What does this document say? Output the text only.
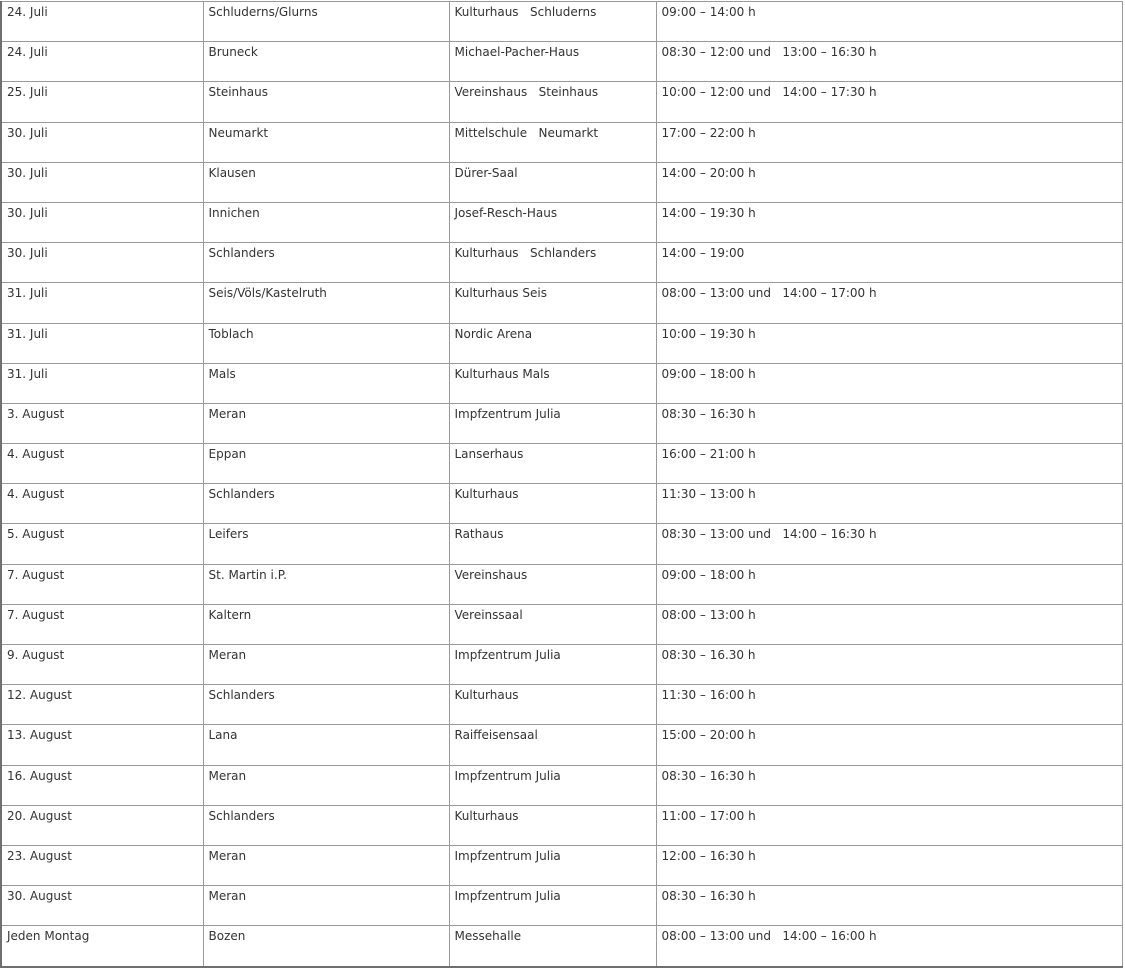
24. Juli	Schluderns/Glurns	Kulturhaus   Schluderns	09:00 – 14:00 h
24. Juli	Bruneck	Michael-Pacher-Haus	08:30 – 12:00 und   13:00 – 16:30 h
25. Juli	Steinhaus	Vereinshaus   Steinhaus	10:00 – 12:00 und   14:00 – 17:30 h
30. Juli	Neumarkt	Mittelschule   Neumarkt	17:00 – 22:00 h
30. Juli	Klausen	Dürer-Saal	14:00 – 20:00 h
30. Juli	Innichen	Josef-Resch-Haus	14:00 – 19:30 h
30. Juli	Schlanders	Kulturhaus   Schlanders	14:00 – 19:00
31. Juli	Seis/Völs/Kastelruth	Kulturhaus Seis	08:00 – 13:00 und   14:00 – 17:00 h
31. Juli	Toblach	Nordic Arena	10:00 – 19:30 h
31. Juli	Mals	Kulturhaus Mals	09:00 – 18:00 h
3. August	Meran	Impfzentrum Julia	08:30 – 16:30 h
4. August	Eppan	Lanserhaus	16:00 – 21:00 h
4. August	Schlanders	Kulturhaus	11:30 – 13:00 h
5. August	Leifers	Rathaus	08:30 – 13:00 und   14:00 – 16:30 h
7. August	St. Martin i.P.	Vereinshaus	09:00 – 18:00 h
7. August	Kaltern	Vereinssaal	08:00 – 13:00 h
9. August	Meran	Impfzentrum Julia	08:30 – 16.30 h
12. August	Schlanders	Kulturhaus	11:30 – 16:00 h
13. August	Lana	Raiffeisensaal	15:00 – 20:00 h
16. August	Meran	Impfzentrum Julia	08:30 – 16:30 h
20. August	Schlanders	Kulturhaus	11:00 – 17:00 h
23. August	Meran	Impfzentrum Julia	12:00 – 16:30 h
30. August	Meran	Impfzentrum Julia	08:30 – 16:30 h
Jeden Montag	Bozen	Messehalle	08:00 – 13:00 und   14:00 – 16:00 h
